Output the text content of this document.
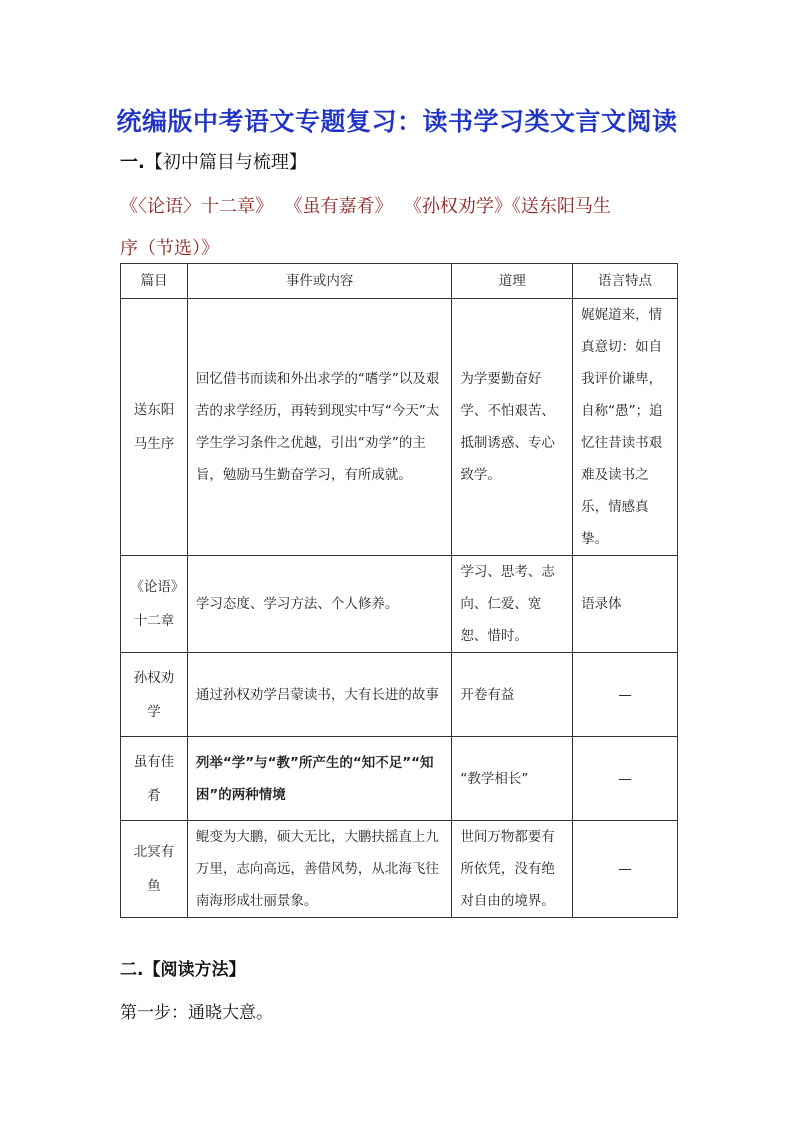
统编版中考语文专题复习：读书学习类文言文阅读
一.【初中篇目与梳理】
《〈论语〉十二章》  《虽有嘉肴》  《孙权劝学》《送东阳马生
序（节选）》
篇目	事件或内容	道理	语言特点
送东阳马生序	回忆借书而读和外出求学的“嗜学”以及艰苦的求学经历，再转到现实中写“今天”太学生学习条件之优越，引出“劝学”的主旨，勉励马生勤奋学习，有所成就。	为学要勤奋好学、不怕艰苦、抵制诱惑、专心致学。	娓娓道来，情真意切：如自我评价谦卑，自称“愚”；追忆往昔读书艰难及读书之乐，情感真挚。
《论语》十二章	学习态度、学习方法、个人修养。	学习、思考、志向、仁爱、宽恕、惜时。	语录体
孙权劝学	通过孙权劝学吕蒙读书，大有长进的故事	开卷有益	—
虽有佳肴	列举“学”与“教”所产生的“知不足”“知困”的两种情境	“教学相长”	—
北冥有鱼	鲲变为大鹏，硕大无比，大鹏扶摇直上九万里，志向高远，善借风势，从北海飞往南海形成壮丽景象。	世间万物都要有所依凭，没有绝对自由的境界。	—
二.【阅读方法】
第一步：通晓大意。
